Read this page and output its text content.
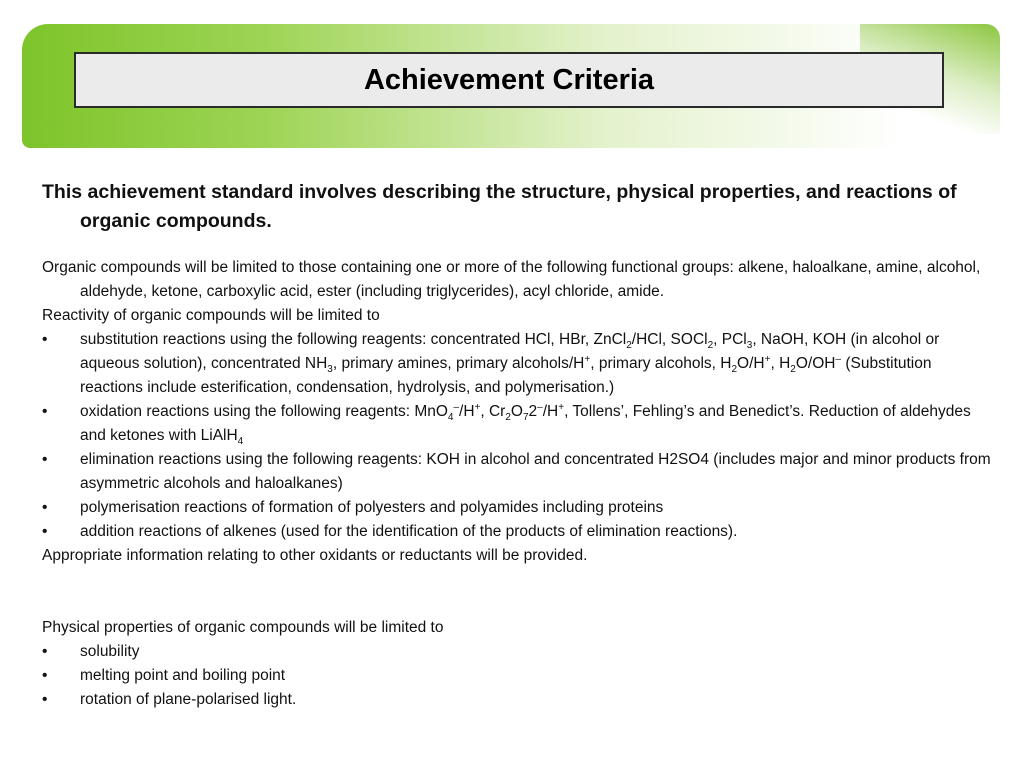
Achievement Criteria

This achievement standard involves describing the structure, physical properties, and reactions of organic compounds.

Organic compounds will be limited to those containing one or more of the following functional groups: alkene, haloalkane, amine, alcohol, aldehyde, ketone, carboxylic acid, ester (including triglycerides), acyl chloride, amide.

Reactivity of organic compounds will be limited to

•	substitution reactions using the following reagents: concentrated HCl, HBr, ZnCl$_2$/HCl, SOCl$_2$, PCl$_3$, NaOH, KOH (in alcohol or aqueous solution), concentrated $NH_3$, primary amines, primary alcohols/H+, primary alcohols, $H_2O/H^+$, $H_2O/OH^-$ (Substitution reactions include esterification, condensation, hydrolysis, and polymerisation.)
•	oxidation reactions using the following reagents: MnO$_4$–/H+, $Cr_2O_72^-/H^+$, Tollens’, Fehling’s and Benedict’s. Reduction of aldehydes and ketones with LiAlH$_4$
•	elimination reactions using the following reagents: KOH in alcohol and concentrated H2SO4 (includes major and minor products from asymmetric alcohols and haloalkanes)
•	polymerisation reactions of formation of polyesters and polyamides including proteins
•	addition reactions of alkenes (used for the identification of the products of elimination reactions).

Appropriate information relating to other oxidants or reductants will be provided.

Physical properties of organic compounds will be limited to

•	solubility
•	melting point and boiling point
•	rotation of plane-polarised light.
